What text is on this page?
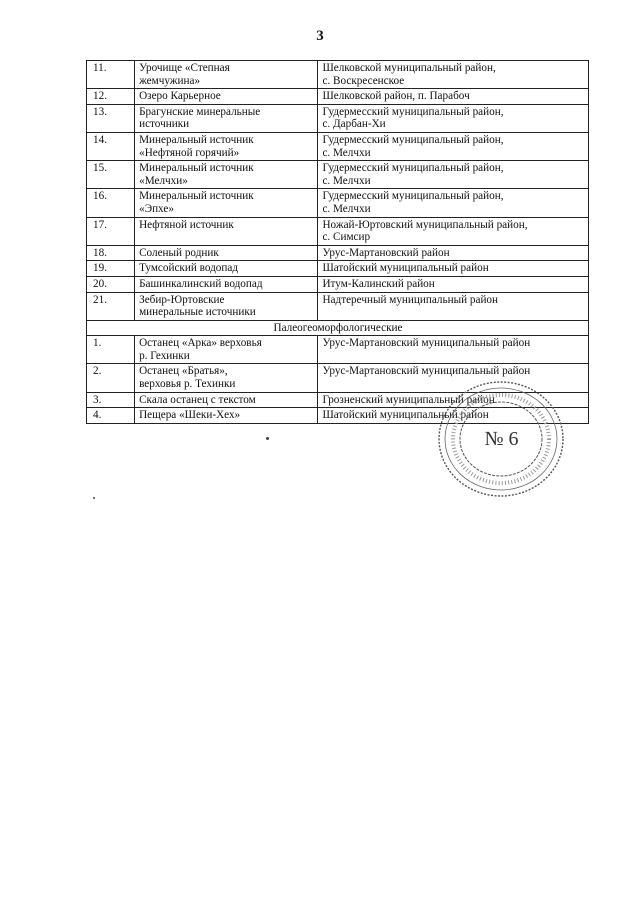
3
11.	Урочище «Степная
жемчужина»	Шелковской муниципальный район,
с. Воскресенское

12.	Озеро Карьерное	Шелковской район, п. Парабоч

13.	Брагунские минеральные
источники	Гудермесский муниципальный район,
с. Дарбан-Хи

14.	Минеральный источник
«Нефтяной горячий»	Гудермесский муниципальный район,
с. Мелчхи

15.	Минеральный источник
«Мелчхи»	Гудермесский муниципальный район,
с. Мелчхи

16.	Минеральный источник
«Эпхе»	Гудермесский муниципальный район,
с. Мелчхи

17.	Нефтяной источник	Ножай-Юртовский муниципальный район,
с. Симсир

18.	Соленый родник	Урус-Мартановский район

19.	Тумсойский водопад	Шатойский муниципальный район

20.	Башинкалинский водопад	Итум-Калинский район

21.	Зебир-Юртовские
минеральные источники	Надтеречный муниципальный район

Палеогеоморфологические		
1.	Останец «Арка» верховья
р. Гехинки	Урус-Мартановский муниципальный район

2.	Останец «Братья»,
верховья р. Техинки	Урус-Мартановский муниципальный район

3.	Скала останец с текстом	Грозненский муниципальный район

4.	Пещера «Шеки-Хех»	Шатойский муниципальный район
№ 6
